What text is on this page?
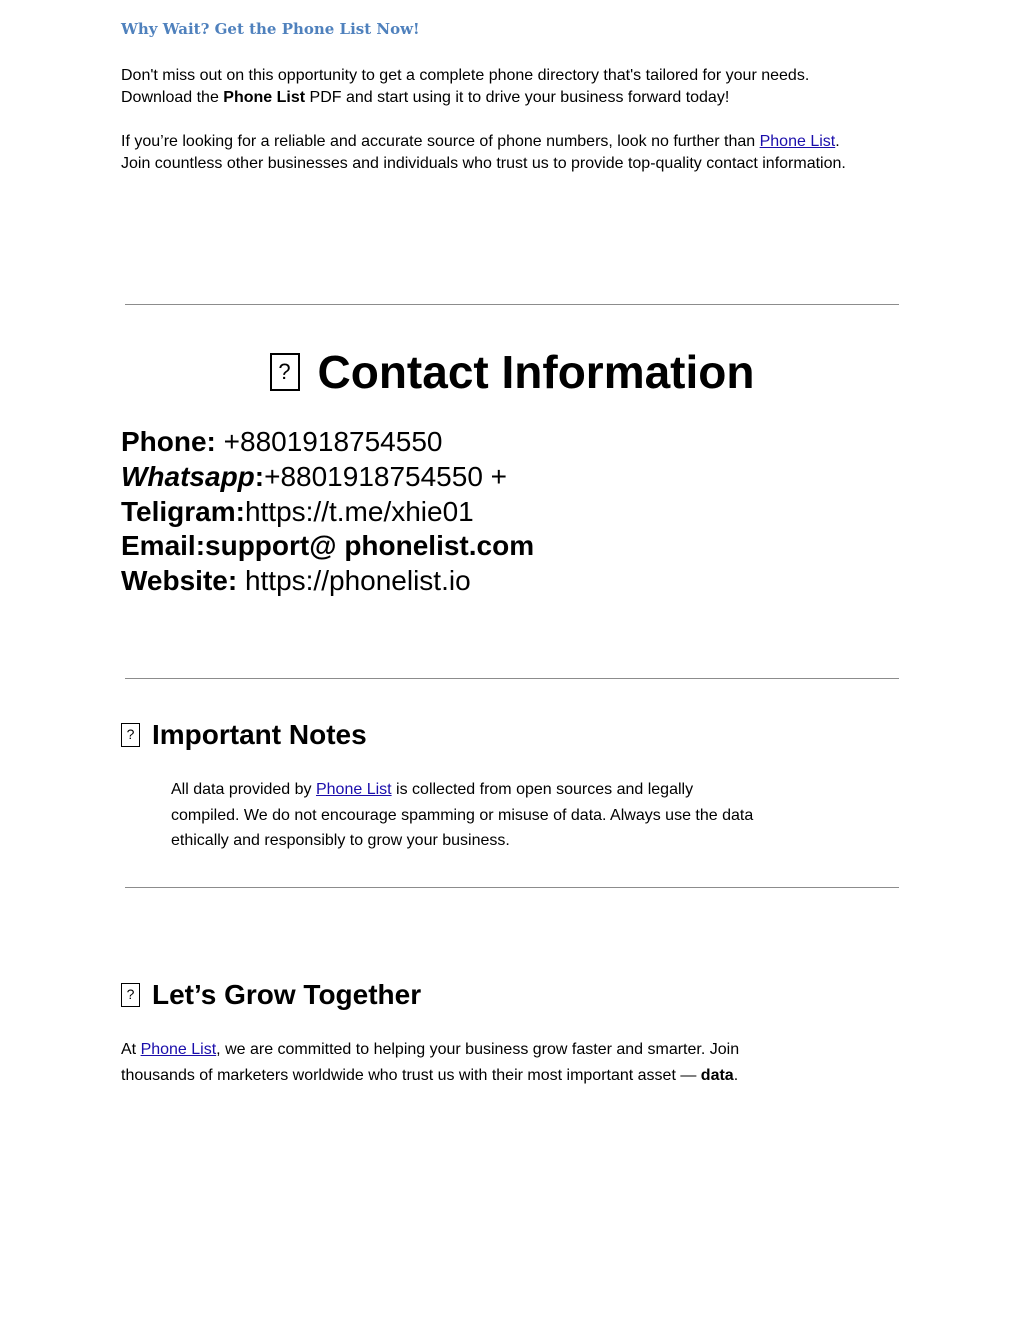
Why Wait? Get the Phone List Now!
Don't miss out on this opportunity to get a complete phone directory that's tailored for your needs.
Download the Phone List PDF and start using it to drive your business forward today!
If you’re looking for a reliable and accurate source of phone numbers, look no further than Phone List.
Join countless other businesses and individuals who trust us to provide top-quality contact information.
? Contact Information
Phone: +8801918754550
Whatsapp:+8801918754550 +
Teligram:https://t.me/xhie01
Email:support@ phonelist.com
Website: https://phonelist.io
? Important Notes
All data provided by Phone List is collected from open sources and legally
compiled. We do not encourage spamming or misuse of data. Always use the data
ethically and responsibly to grow your business.
? Let’s Grow Together
At Phone List, we are committed to helping your business grow faster and smarter. Join
thousands of marketers worldwide who trust us with their most important asset — data.
